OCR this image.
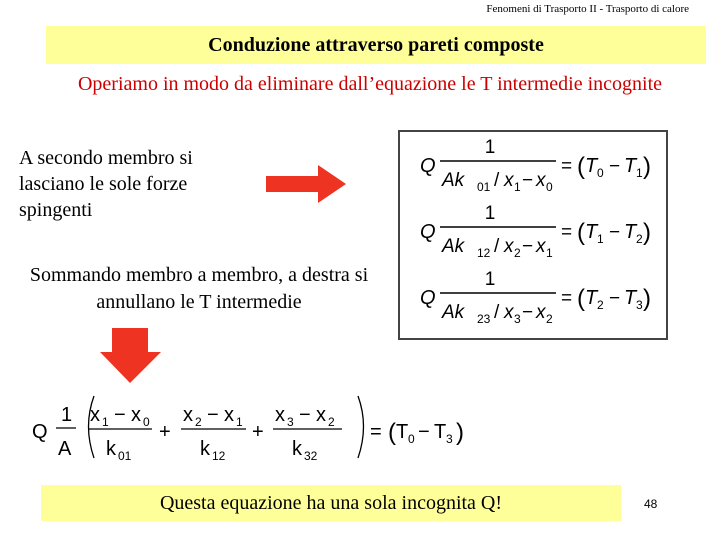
Fenomeni di Trasporto II - Trasporto di calore
Conduzione attraverso pareti composte
Operiamo in modo da eliminare dall’equazione le T intermedie incognite
A secondo membro si lasciano le sole forze spingenti
Sommando membro a membro, a destra si annullano le T intermedie
Q
1
Ak 01 / x 1 − x 0
= ( T 0 − T 1 )
Q
1
Ak 12 / x 2 − x 1
= ( T 1 − T 2 )
Q
1
Ak 23 / x 3 − x 2
= ( T 2 − T 3 )
Q
1
A
x 1 − x 0
k 01
+
x 2 − x 1
k 12
+
x 3 − x 2
k 32
= ( T 0 − T 3 )
Questa equazione ha una sola incognita Q!	48
